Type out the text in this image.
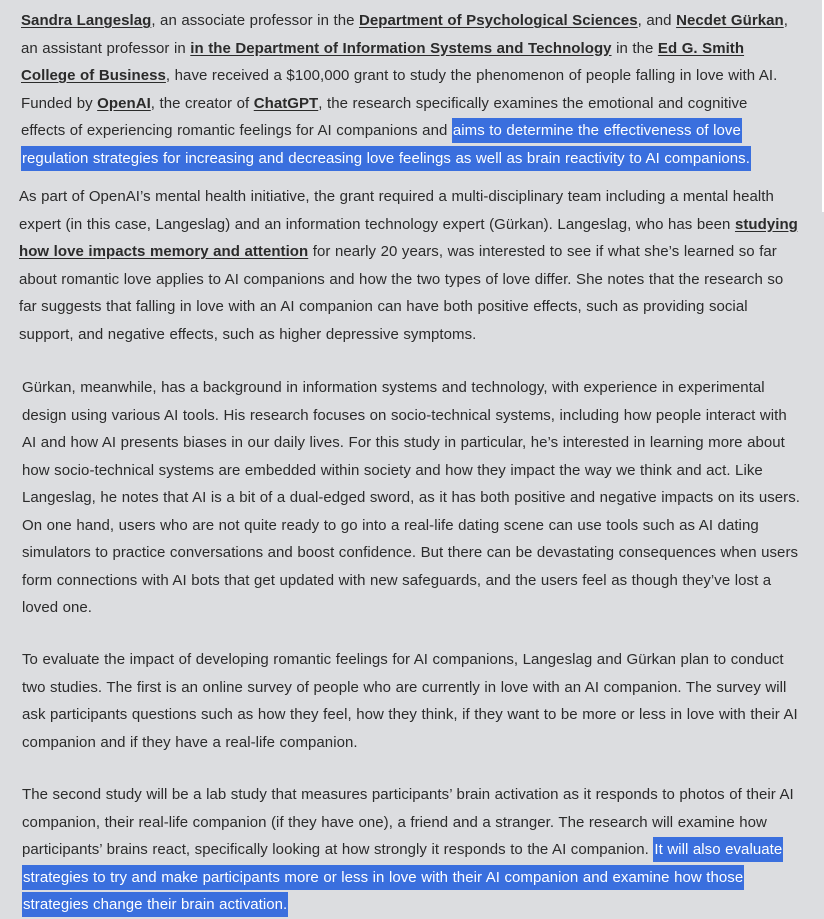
Sandra Langeslag, an associate professor in the Department of Psychological Sciences, and Necdet Gürkan, an assistant professor in in the Department of Information Systems and Technology in the Ed G. Smith College of Business, have received a $100,000 grant to study the phenomenon of people falling in love with AI. Funded by OpenAI, the creator of ChatGPT, the research specifically examines the emotional and cognitive effects of experiencing romantic feelings for AI companions and aims to determine the effectiveness of love regulation strategies for increasing and decreasing love feelings as well as brain reactivity to AI companions.

As part of OpenAI’s mental health initiative, the grant required a multi-disciplinary team including a mental health expert (in this case, Langeslag) and an information technology expert (Gürkan). Langeslag, who has been studying how love impacts memory and attention for nearly 20 years, was interested to see if what she’s learned so far about romantic love applies to AI companions and how the two types of love differ. She notes that the research so far suggests that falling in love with an AI companion can have both positive effects, such as providing social support, and negative effects, such as higher depressive symptoms.

Gürkan, meanwhile, has a background in information systems and technology, with experience in experimental design using various AI tools. His research focuses on socio-technical systems, including how people interact with AI and how AI presents biases in our daily lives. For this study in particular, he’s interested in learning more about how socio-technical systems are embedded within society and how they impact the way we think and act. Like Langeslag, he notes that AI is a bit of a dual-edged sword, as it has both positive and negative impacts on its users. On one hand, users who are not quite ready to go into a real-life dating scene can use tools such as AI dating simulators to practice conversations and boost confidence. But there can be devastating consequences when users form connections with AI bots that get updated with new safeguards, and the users feel as though they’ve lost a loved one.

To evaluate the impact of developing romantic feelings for AI companions, Langeslag and Gürkan plan to conduct two studies. The first is an online survey of people who are currently in love with an AI companion. The survey will ask participants questions such as how they feel, how they think, if they want to be more or less in love with their AI companion and if they have a real-life companion.

The second study will be a lab study that measures participants’ brain activation as it responds to photos of their AI companion, their real-life companion (if they have one), a friend and a stranger. The research will examine how participants’ brains react, specifically looking at how strongly it responds to the AI companion. It will also evaluate strategies to try and make participants more or less in love with their AI companion and examine how those strategies change their brain activation.
